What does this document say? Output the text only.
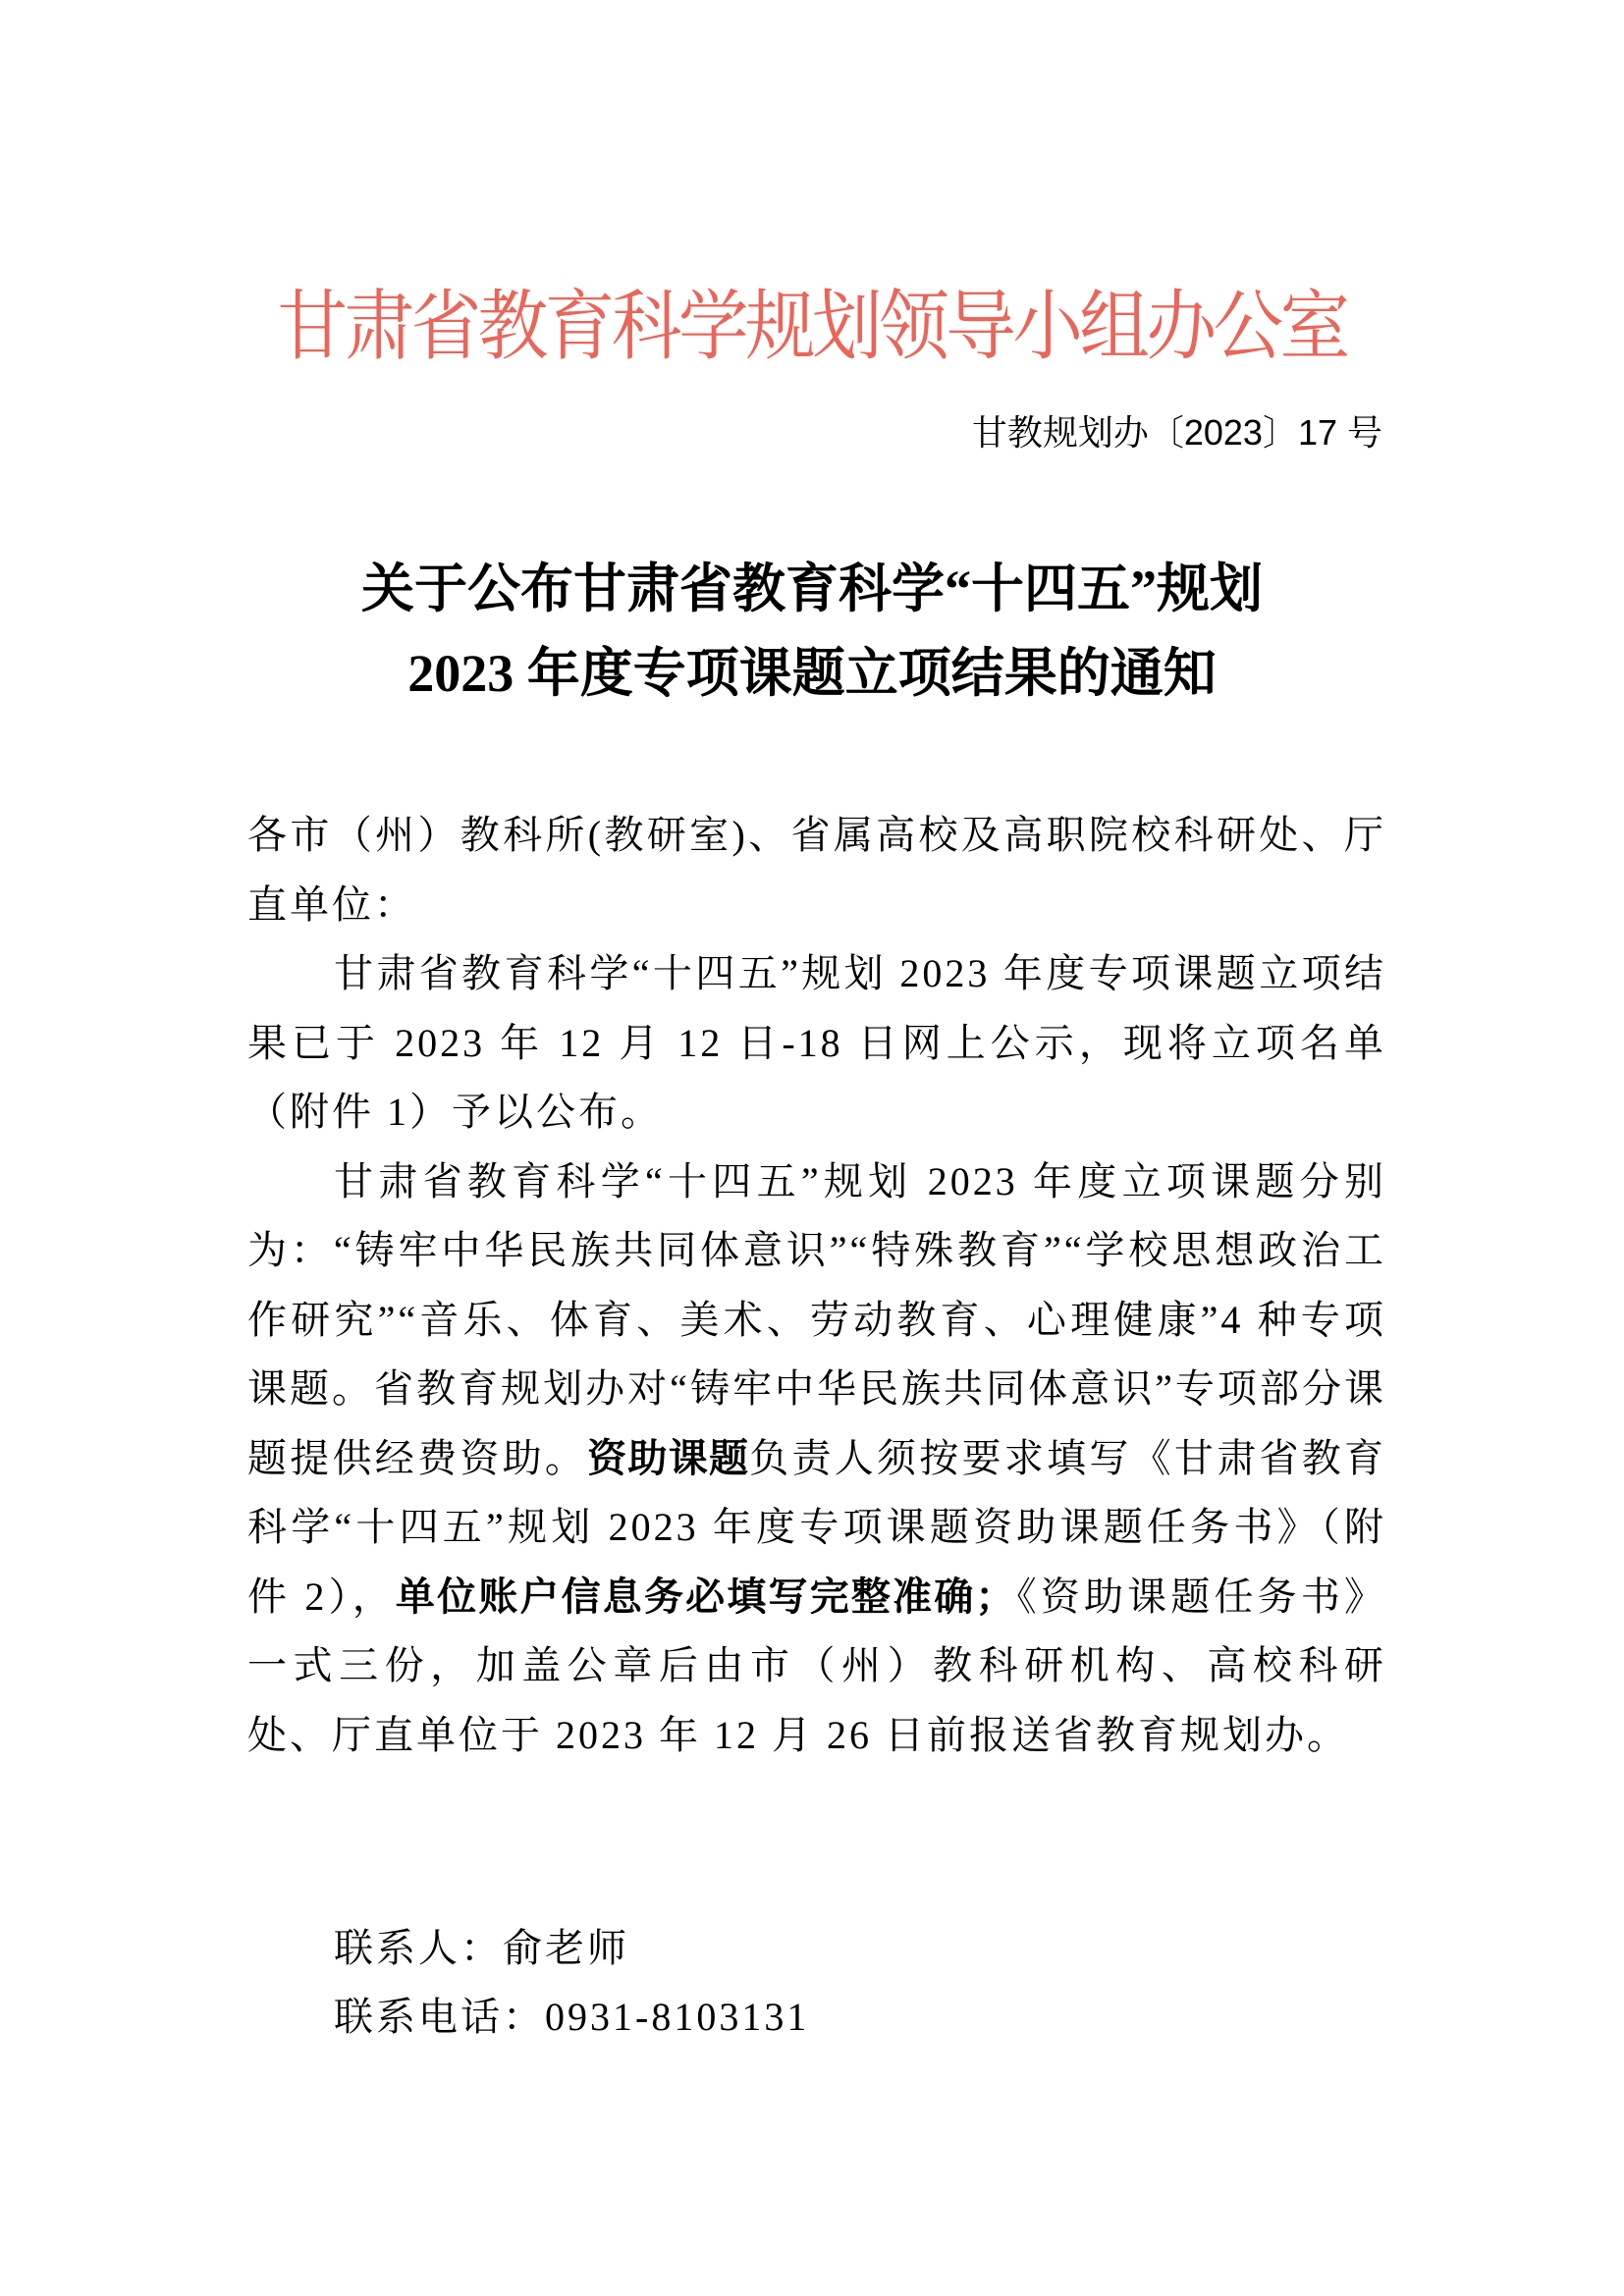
甘肃省教育科学规划领导小组办公室
甘教规划办〔2023〕17 号
关于公布甘肃省教育科学“十四五”规划
2023 年度专项课题立项结果的通知

各市（州）教科所(教研室)、省属高校及高职院校科研处、厅直单位：

甘肃省教育科学“十四五”规划 2023 年度专项课题立项结果已于 2023 年 12 月 12 日-18 日网上公示，现将立项名单（附件 1）予以公布。

甘肃省教育科学“十四五”规划 2023 年度立项课题分别为：“铸牢中华民族共同体意识”“特殊教育”“学校思想政治工作研究”“音乐、体育、美术、劳动教育、心理健康”4 种专项课题。省教育规划办对“铸牢中华民族共同体意识”专项部分课题提供经费资助。资助课题负责人须按要求填写《甘肃省教育科学“十四五”规划 2023 年度专项课题资助课题任务书》（附件 2），单位账户信息务必填写完整准确；《资助课题任务书》一式三份，加盖公章后由市（州）教科研机构、高校科研处、厅直单位于 2023 年 12 月 26 日前报送省教育规划办。

联系人：俞老师
联系电话：0931-8103131
